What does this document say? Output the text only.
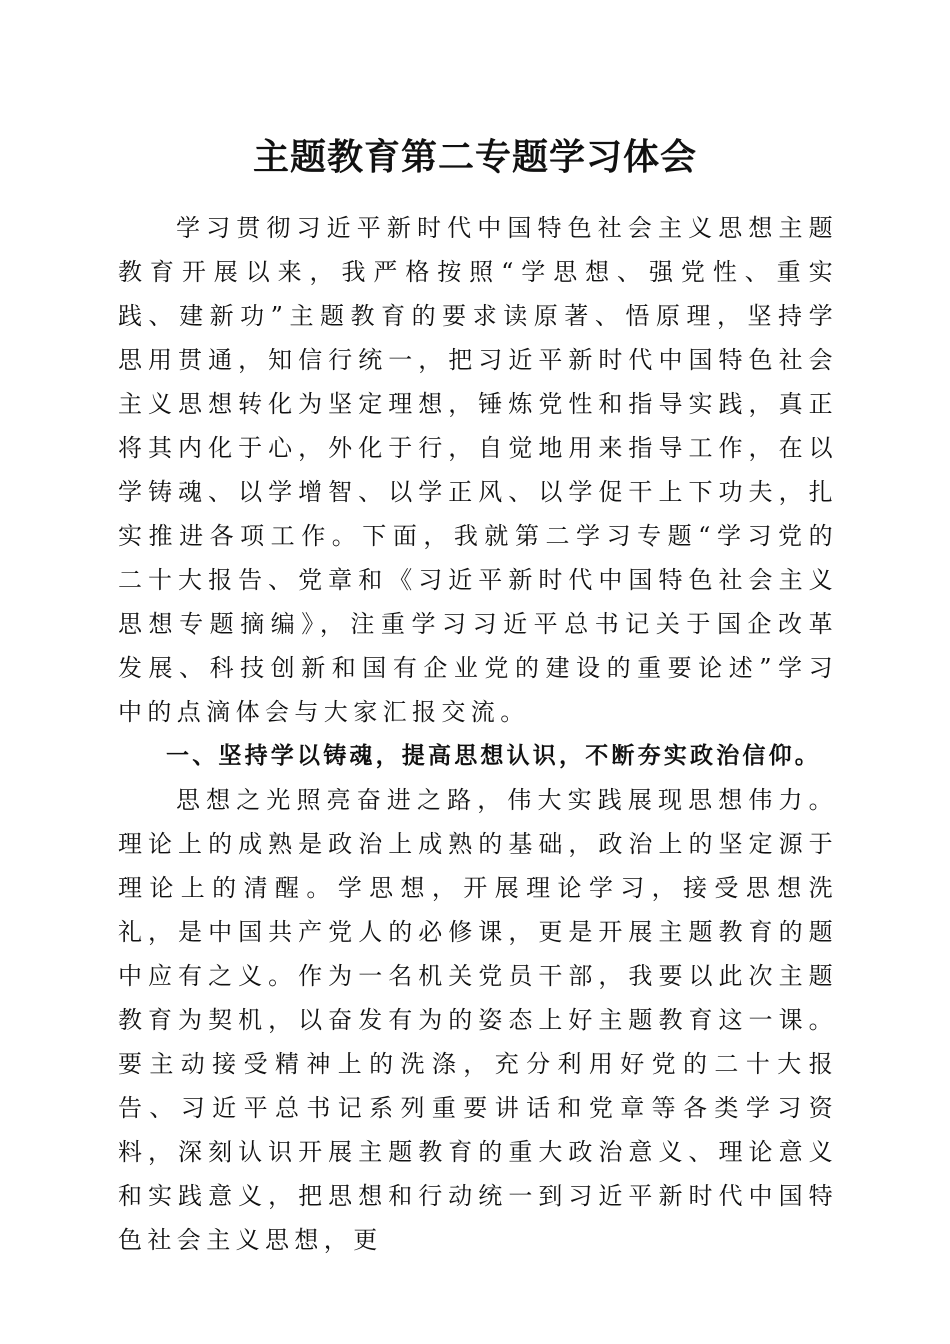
主题教育第二专题学习体会

学习贯彻习近平新时代中国特色社会主义思想主题教育开展以来，我严格按照“学思想、强党性、重实践、建新功”主题教育的要求读原著、悟原理，坚持学思用贯通，知信行统一，把习近平新时代中国特色社会主义思想转化为坚定理想，锤炼党性和指导实践，真正将其内化于心，外化于行，自觉地用来指导工作，在以学铸魂、以学增智、以学正风、以学促干上下功夫，扎实推进各项工作。下面，我就第二学习专题“学习党的二十大报告、党章和《习近平新时代中国特色社会主义思想专题摘编》，注重学习习近平总书记关于国企改革发展、科技创新和国有企业党的建设的重要论述”学习中的点滴体会与大家汇报交流。

一、坚持学以铸魂，提高思想认识，不断夯实政治信仰。

思想之光照亮奋进之路，伟大实践展现思想伟力。理论上的成熟是政治上成熟的基础，政治上的坚定源于理论上的清醒。学思想，开展理论学习，接受思想洗礼，是中国共产党人的必修课，更是开展主题教育的题中应有之义。作为一名机关党员干部，我要以此次主题教育为契机，以奋发有为的姿态上好主题教育这一课。要主动接受精神上的洗涤，充分利用好党的二十大报告、习近平总书记系列重要讲话和党章等各类学习资料，深刻认识开展主题教育的重大政治意义、理论意义和实践意义，把思想和行动统一到习近平新时代中国特色社会主义思想，更
